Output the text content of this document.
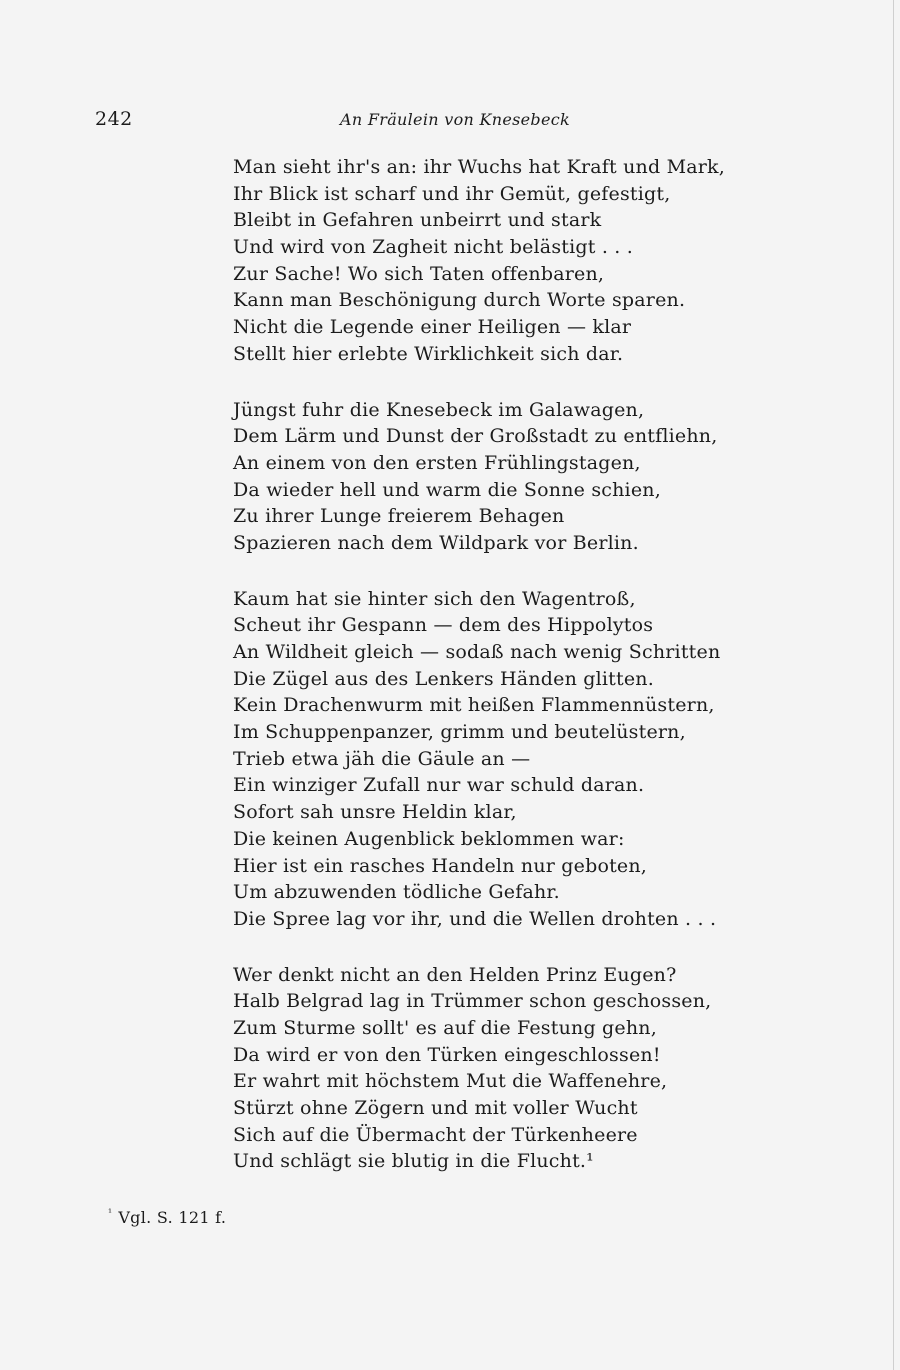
242	An Fräulein von Knesebeck
Man sieht ihr's an: ihr Wuchs hat Kraft und Mark,
Ihr Blick ist scharf und ihr Gemüt, gefestigt,
Bleibt in Gefahren unbeirrt und stark
Und wird von Zagheit nicht belästigt . . .
Zur Sache! Wo sich Taten offenbaren,
Kann man Beschönigung durch Worte sparen.
Nicht die Legende einer Heiligen — klar
Stellt hier erlebte Wirklichkeit sich dar.
Jüngst fuhr die Knesebeck im Galawagen,
Dem Lärm und Dunst der Großstadt zu entfliehn,
An einem von den ersten Frühlingstagen,
Da wieder hell und warm die Sonne schien,
Zu ihrer Lunge freierem Behagen
Spazieren nach dem Wildpark vor Berlin.
Kaum hat sie hinter sich den Wagentroß,
Scheut ihr Gespann — dem des Hippolytos
An Wildheit gleich — sodaß nach wenig Schritten
Die Zügel aus des Lenkers Händen glitten.
Kein Drachenwurm mit heißen Flammennüstern,
Im Schuppenpanzer, grimm und beutelüstern,
Trieb etwa jäh die Gäule an —
Ein winziger Zufall nur war schuld daran.
Sofort sah unsre Heldin klar,
Die keinen Augenblick beklommen war:
Hier ist ein rasches Handeln nur geboten,
Um abzuwenden tödliche Gefahr.
Die Spree lag vor ihr, und die Wellen drohten . . .
Wer denkt nicht an den Helden Prinz Eugen?
Halb Belgrad lag in Trümmer schon geschossen,
Zum Sturme sollt' es auf die Festung gehn,
Da wird er von den Türken eingeschlossen!
Er wahrt mit höchstem Mut die Waffenehre,
Stürzt ohne Zögern und mit voller Wucht
Sich auf die Übermacht der Türkenheere
Und schlägt sie blutig in die Flucht.¹
$^{^1}$ Vgl. S. 121 f.
